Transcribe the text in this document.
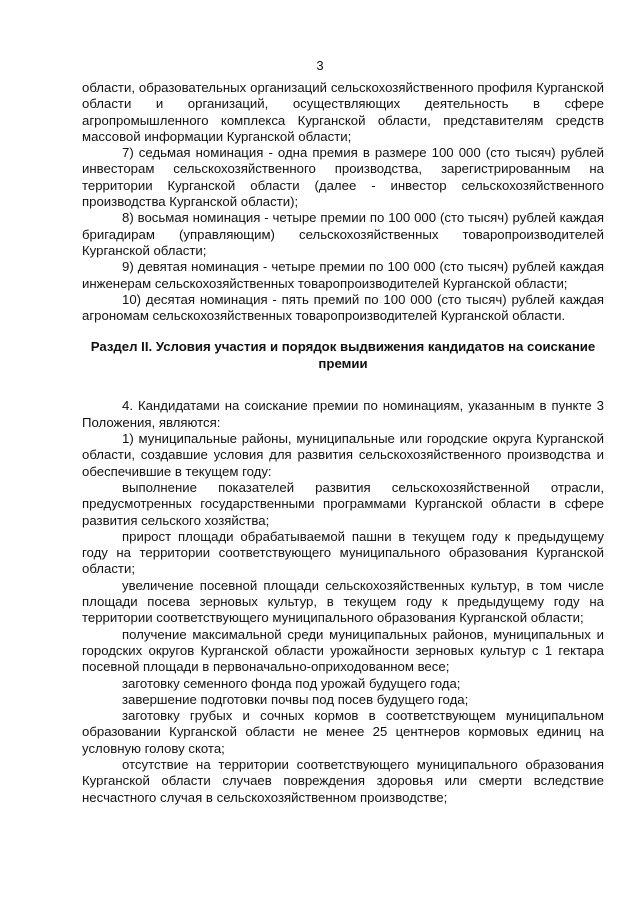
3

области, образовательных организаций сельскохозяйственного профиля Курганской области и организаций, осуществляющих деятельность в сфере агропромышленного комплекса Курганской области, представителям средств массовой информации Курганской области;

7) седьмая номинация - одна премия в размере 100 000 (сто тысяч) рублей инвесторам сельскохозяйственного производства, зарегистрированным на территории Курганской области (далее - инвестор сельскохозяйственного производства Курганской области);

8) восьмая номинация - четыре премии по 100 000 (сто тысяч) рублей каждая бригадирам (управляющим) сельскохозяйственных товаропроизводителей Курганской области;

9) девятая номинация - четыре премии по 100 000 (сто тысяч) рублей каждая инженерам сельскохозяйственных товаропроизводителей Курганской области;

10) десятая номинация - пять премий по 100 000 (сто тысяч) рублей каждая агрономам сельскохозяйственных товаропроизводителей Курганской области.

Раздел II. Условия участия и порядок выдвижения кандидатов на соискание премии

4. Кандидатами на соискание премии по номинациям, указанным в пункте 3 Положения, являются:

1) муниципальные районы, муниципальные или городские округа Курганской области, создавшие условия для развития сельскохозяйственного производства и обеспечившие в текущем году:

выполнение показателей развития сельскохозяйственной отрасли, предусмотренных государственными программами Курганской области в сфере развития сельского хозяйства;

прирост площади обрабатываемой пашни в текущем году к предыдущему году на территории соответствующего муниципального образования Курганской области;

увеличение посевной площади сельскохозяйственных культур, в том числе площади посева зерновых культур, в текущем году к предыдущему году на территории соответствующего муниципального образования Курганской области;

получение максимальной среди муниципальных районов, муниципальных и городских округов Курганской области урожайности зерновых культур с 1 гектара посевной площади в первоначально-оприходованном весе;

заготовку семенного фонда под урожай будущего года;

завершение подготовки почвы под посев будущего года;

заготовку грубых и сочных кормов в соответствующем муниципальном образовании Курганской области не менее 25 центнеров кормовых единиц на условную голову скота;

отсутствие на территории соответствующего муниципального образования Курганской области случаев повреждения здоровья или смерти вследствие несчастного случая в сельскохозяйственном производстве;
